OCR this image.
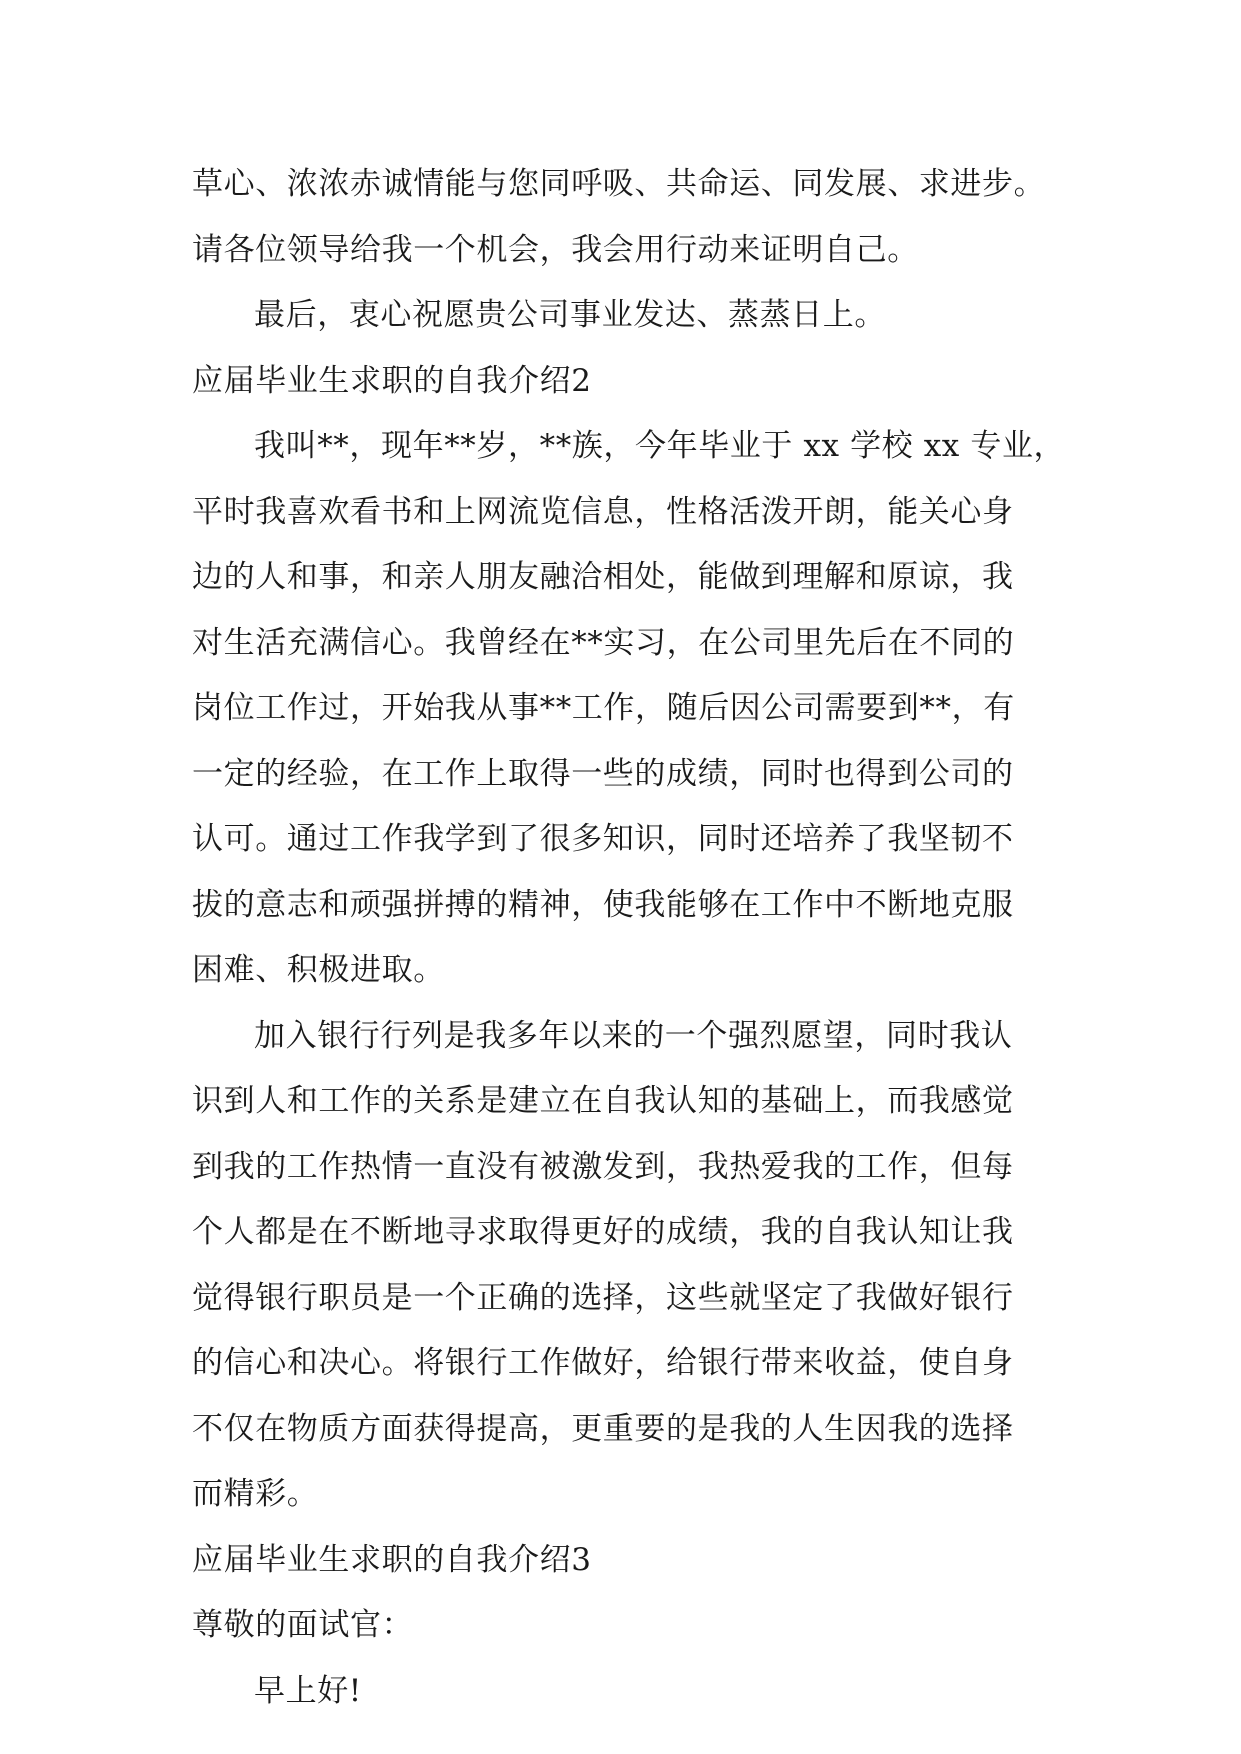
草心、浓浓赤诚情能与您同呼吸、共命运、同发展、求进步。
请各位领导给我一个机会，我会用行动来证明自己。

最后，衷心祝愿贵公司事业发达、蒸蒸日上。

应届毕业生求职的自我介绍2

我叫**，现年**岁，**族，今年毕业于 xx 学校 xx 专业，

平时我喜欢看书和上网流览信息，性格活泼开朗，能关心身
边的人和事，和亲人朋友融洽相处，能做到理解和原谅，我
对生活充满信心。我曾经在**实习，在公司里先后在不同的
岗位工作过，开始我从事**工作，随后因公司需要到**，有
一定的经验，在工作上取得一些的成绩，同时也得到公司的
认可。通过工作我学到了很多知识，同时还培养了我坚韧不
拔的意志和顽强拼搏的精神，使我能够在工作中不断地克服
困难、积极进取。

加入银行行列是我多年以来的一个强烈愿望，同时我认

识到人和工作的关系是建立在自我认知的基础上，而我感觉
到我的工作热情一直没有被激发到，我热爱我的工作，但每
个人都是在不断地寻求取得更好的成绩，我的自我认知让我
觉得银行职员是一个正确的选择，这些就坚定了我做好银行
的信心和决心。将银行工作做好，给银行带来收益，使自身
不仅在物质方面获得提高，更重要的是我的人生因我的选择
而精彩。

应届毕业生求职的自我介绍3

尊敬的面试官：

早上好!
